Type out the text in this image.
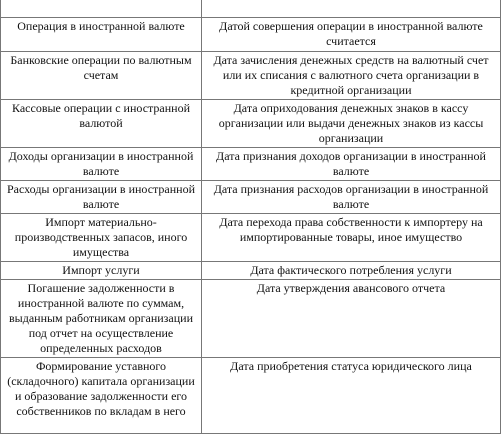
Операция в иностранной валюте	Датой совершения операции в иностранной валюте считается

Банковские операции по валютным счетам	Дата зачисления денежных средств на валютный счет или их списания с валютного счета организации в кредитной организации

Кассовые операции с иностранной валютой	Дата оприходования денежных знаков в кассу организации или выдачи денежных знаков из кассы организации

Доходы организации в иностранной валюте	Дата признания доходов организации в иностранной валюте

Расходы организации в иностранной валюте	Дата признания расходов организации в иностранной валюте

Импорт материально-производственных запасов, иного имущества	Дата перехода права собственности к импортеру на импортированные товары, иное имущество

Импорт услуги	Дата фактического потребления услуги

Погашение задолженности в иностранной валюте по суммам, выданным работникам организации под отчет на осуществление определенных расходов	Дата утверждения авансового отчета

Формирование уставного (складочного) капитала организации и образование задолженности его собственников по вкладам в него	Дата приобретения статуса юридического лица
